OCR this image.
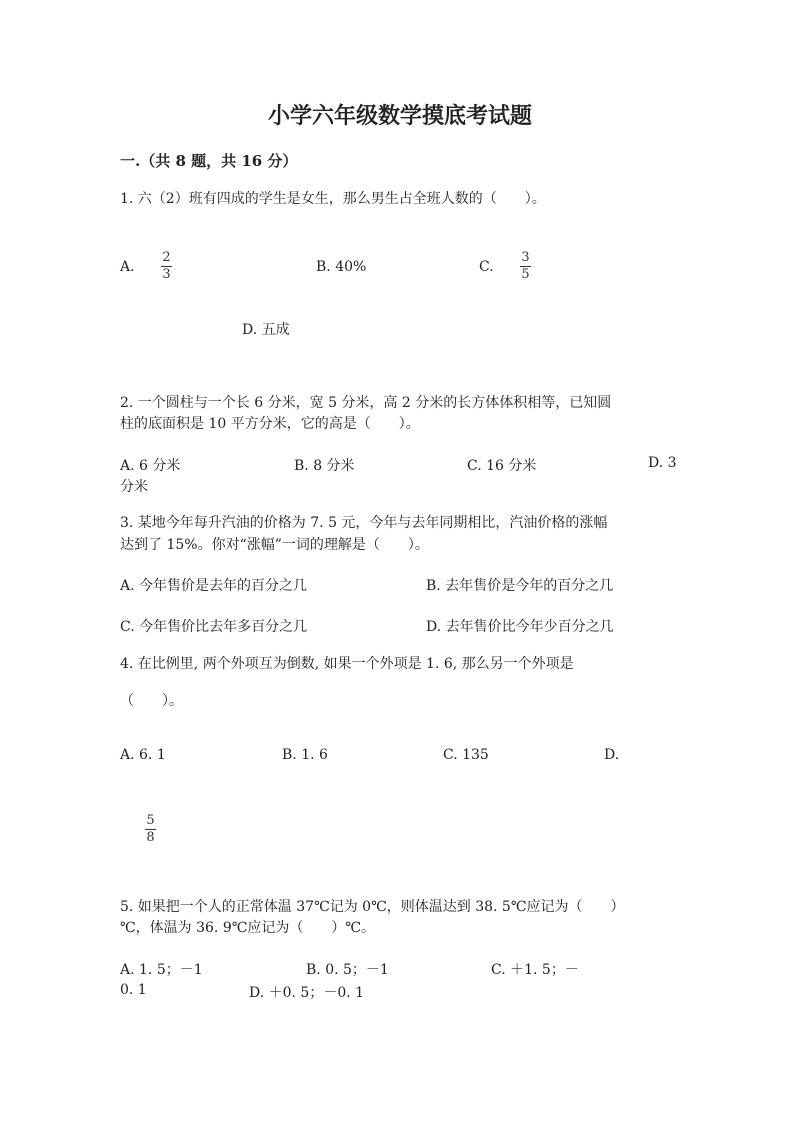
小学六年级数学摸底考试题
一.（共 8 题，共 16 分）
1. 六（2）班有四成的学生是女生，那么男生占全班人数的（　　）。
A.
2
3	B. 40%	C.
3
5
D. 五成
2. 一个圆柱与一个长 6 分米，宽 5 分米，高 2 分米的长方体体积相等，已知圆
柱的底面积是 10 平方分米，它的高是（　　）。
A. 6 分米	B. 8 分米	C. 16 分米	D. 3
分米
3. 某地今年每升汽油的价格为 7. 5 元，今年与去年同期相比，汽油价格的涨幅
达到了 15%。你对“涨幅”一词的理解是（　　）。
A. 今年售价是去年的百分之几	B. 去年售价是今年的百分之几
C. 今年售价比去年多百分之几	D. 去年售价比今年少百分之几
4. 在比例里, 两个外项互为倒数, 如果一个外项是 1. 6, 那么另一个外项是
（　　）。
A. 6. 1	B. 1. 6	C. 135	D.
5
8
5. 如果把一个人的正常体温 37℃记为 0℃，则体温达到 38. 5℃应记为（　　）
℃，体温为 36. 9℃应记为（　　）℃。
A. 1. 5；－1	B. 0. 5；－1	C. ＋1. 5；－
0. 1	D. ＋0. 5；－0. 1
